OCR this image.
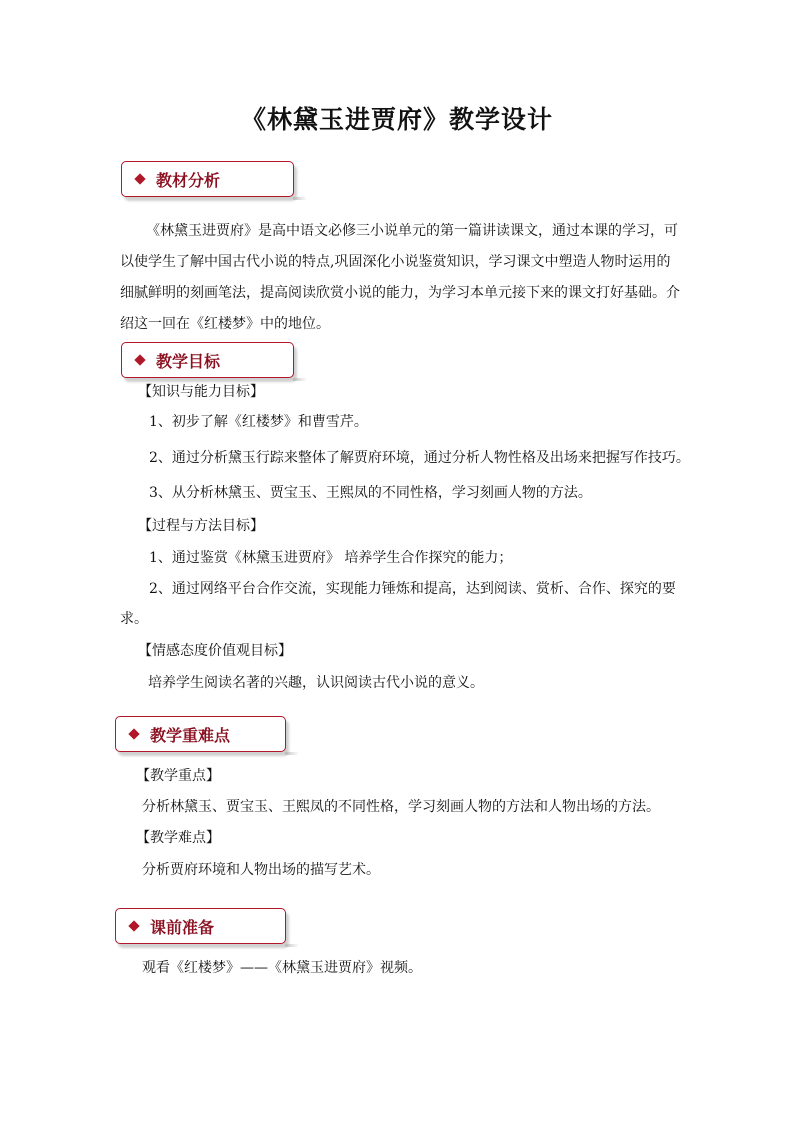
《林黛玉进贾府》教学设计
教材分析
《林黛玉进贾府》是高中语文必修三小说单元的第一篇讲读课文，通过本课的学习，可
以使学生了解中国古代小说的特点,巩固深化小说鉴赏知识，学习课文中塑造人物时运用的
细腻鲜明的刻画笔法，提高阅读欣赏小说的能力，为学习本单元接下来的课文打好基础。介
绍这一回在《红楼梦》中的地位。
教学目标
【知识与能力目标】
1、初步了解《红楼梦》和曹雪芹。
2、通过分析黛玉行踪来整体了解贾府环境，通过分析人物性格及出场来把握写作技巧。
3、从分析林黛玉、贾宝玉、王熙凤的不同性格，学习刻画人物的方法。
【过程与方法目标】
1、通过鉴赏《林黛玉进贾府》 培养学生合作探究的能力；
2、通过网络平台合作交流，实现能力锤炼和提高，达到阅读、赏析、合作、探究的要
求。
【情感态度价值观目标】
培养学生阅读名著的兴趣，认识阅读古代小说的意义。
教学重难点
【教学重点】
分析林黛玉、贾宝玉、王熙凤的不同性格，学习刻画人物的方法和人物出场的方法。
【教学难点】
分析贾府环境和人物出场的描写艺术。
课前准备
观看《红楼梦》——《林黛玉进贾府》视频。
